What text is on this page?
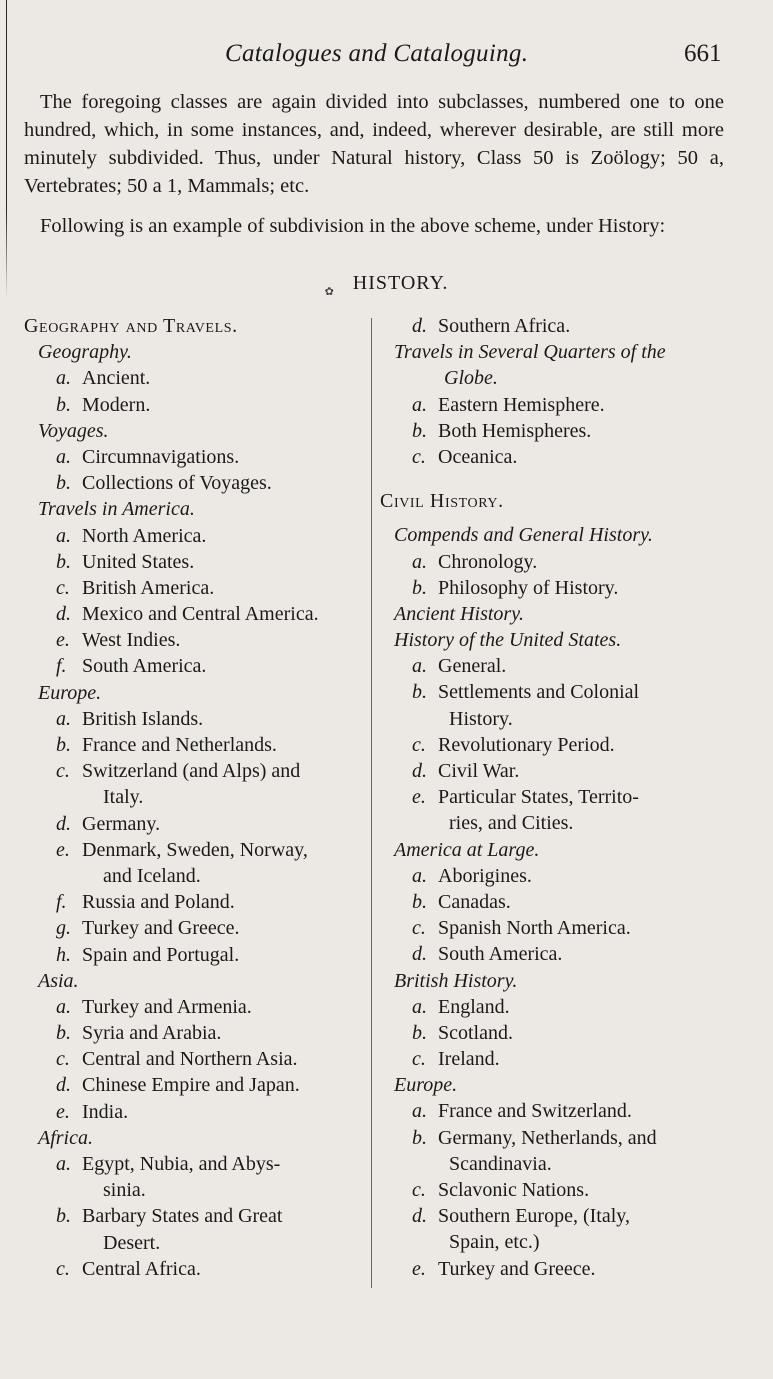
Catalogues and Cataloguing.	661

The foregoing classes are again divided into subclasses, numbered one to one hundred, which, in some instances, and, indeed, wherever desirable, are still more minutely subdivided. Thus, under Natural history, Class 50 is Zoölogy; 50 a, Vertebrates; 50 a 1, Mammals; etc.

Following is an example of subdivision in the above scheme, under History:

$_✿$ HISTORY.
Geography and Travels.
Geography.
a. Ancient.
b. Modern.
Voyages.
a. Circumnavigations.
b. Collections of Voyages.
Travels in America.
a. North America.
b. United States.
c. British America.
d. Mexico and Central America.
e. West Indies.
f. South America.
Europe.
a. British Islands.
b. France and Netherlands.
c. Switzerland (and Alps) and
Italy.
d. Germany.
e. Denmark, Sweden, Norway,
and Iceland.
f. Russia and Poland.
g. Turkey and Greece.
h. Spain and Portugal.
Asia.
a. Turkey and Armenia.
b. Syria and Arabia.
c. Central and Northern Asia.
d. Chinese Empire and Japan.
e. India.
Africa.
a. Egypt, Nubia, and Abys-
sinia.
b. Barbary States and Great
Desert.
c. Central Africa.
d. Southern Africa.
Travels in Several Quarters of the
Globe.
a. Eastern Hemisphere.
b. Both Hemispheres.
c. Oceanica.
Civil History.
Compends and General History.
a. Chronology.
b. Philosophy of History.
Ancient History.
History of the United States.
a. General.
b. Settlements and Colonial
History.
c. Revolutionary Period.
d. Civil War.
e. Particular States, Territo-
ries, and Cities.
America at Large.
a. Aborigines.
b. Canadas.
c. Spanish North America.
d. South America.
British History.
a. England.
b. Scotland.
c. Ireland.
Europe.
a. France and Switzerland.
b. Germany, Netherlands, and
Scandinavia.
c. Sclavonic Nations.
d. Southern Europe, (Italy,
Spain, etc.)
e. Turkey and Greece.
